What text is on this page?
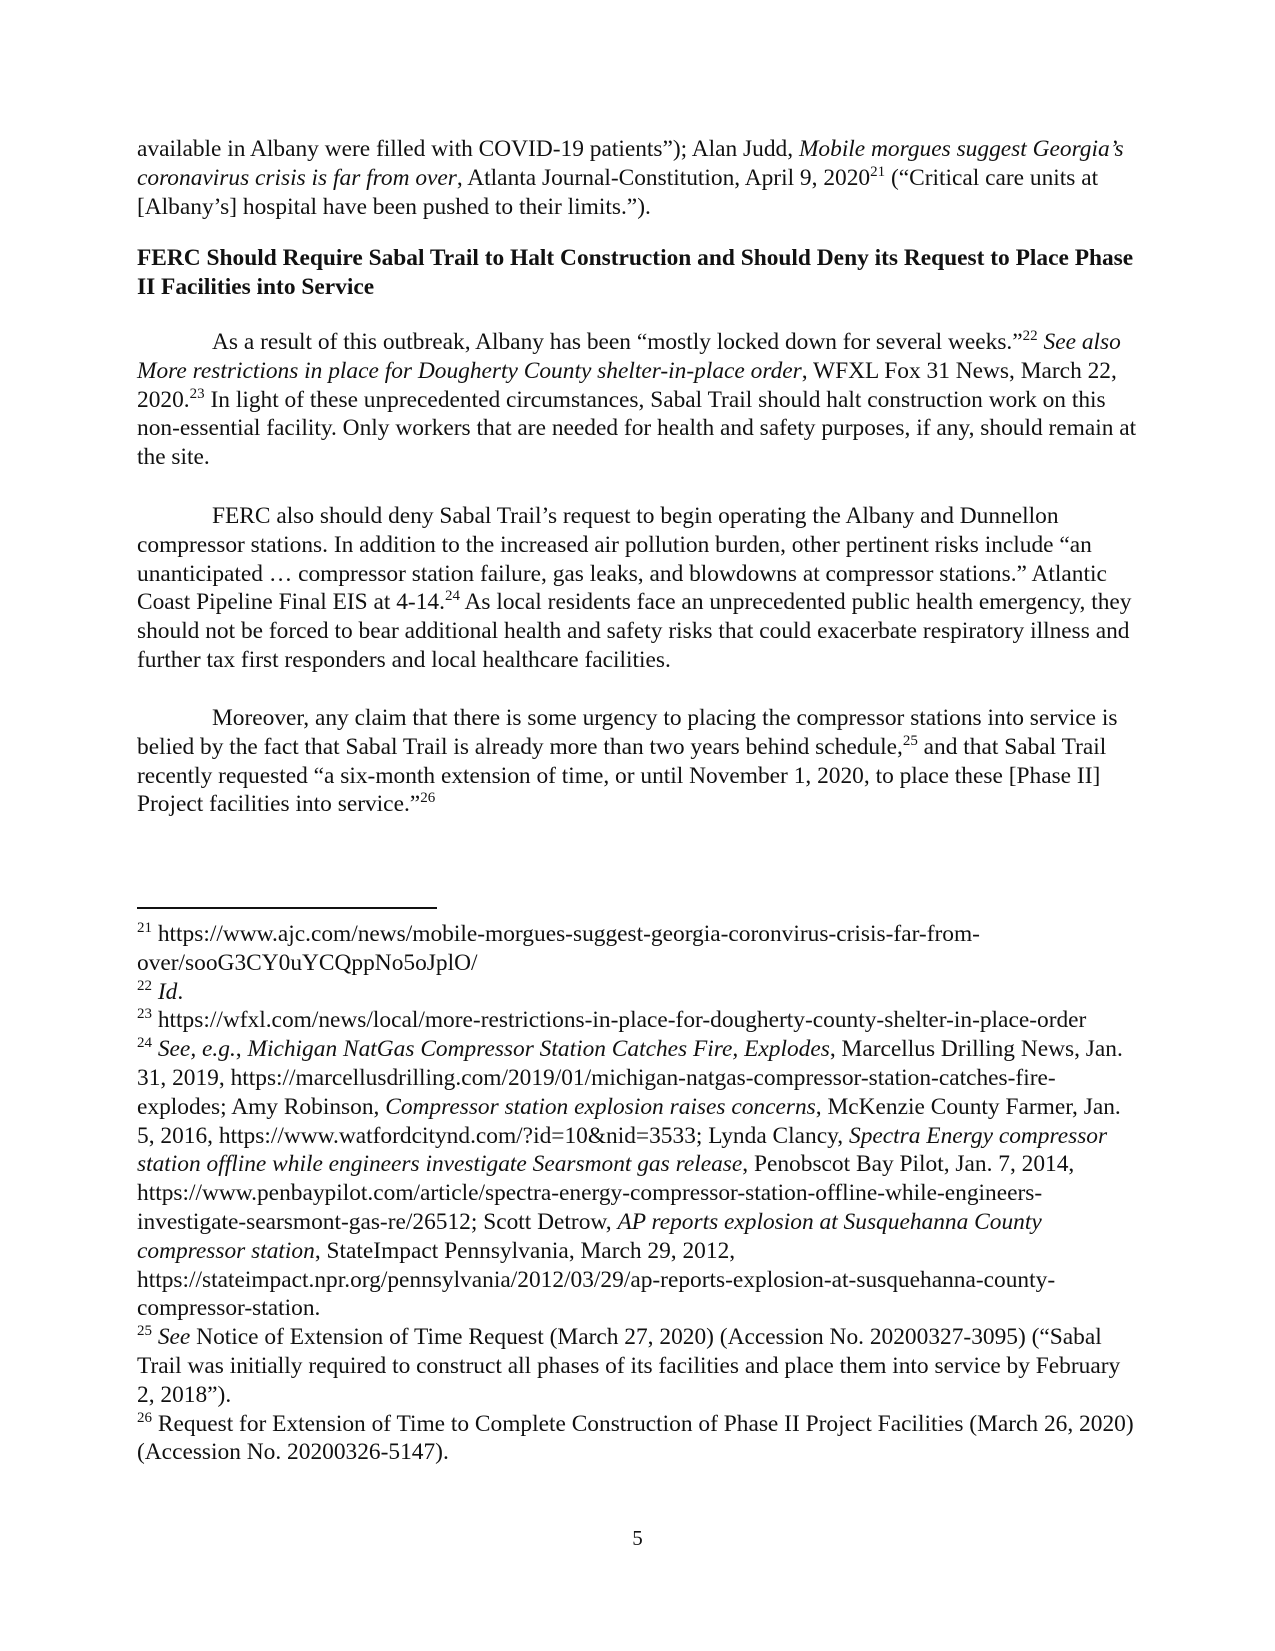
available in Albany were filled with COVID-19 patients”); Alan Judd, Mobile morgues suggest Georgia’s coronavirus crisis is far from over, Atlanta Journal-Constitution, April 9, 2020$^{21}$ (“Critical care units at [Albany’s] hospital have been pushed to their limits.”).

FERC Should Require Sabal Trail to Halt Construction and Should Deny its Request to Place Phase II Facilities into Service

As a result of this outbreak, Albany has been “mostly locked down for several weeks.”$^{22}$ See also More restrictions in place for Dougherty County shelter-in-place order, WFXL Fox 31 News, March 22, 2020.23 In light of these unprecedented circumstances, Sabal Trail should halt construction work on this non-essential facility. Only workers that are needed for health and safety purposes, if any, should remain at the site.

FERC also should deny Sabal Trail’s request to begin operating the Albany and Dunnellon compressor stations. In addition to the increased air pollution burden, other pertinent risks include “an unanticipated … compressor station failure, gas leaks, and blowdowns at compressor stations.” Atlantic Coast Pipeline Final EIS at 4-14.24 As local residents face an unprecedented public health emergency, they should not be forced to bear additional health and safety risks that could exacerbate respiratory illness and further tax first responders and local healthcare facilities.

Moreover, any claim that there is some urgency to placing the compressor stations into service is belied by the fact that Sabal Trail is already more than two years behind schedule,$^{25}$ and that Sabal Trail recently requested “a six-month extension of time, or until November 1, 2020, to place these [Phase II] Project facilities into service.”$^{26}$

$^{21}$ https://www.ajc.com/news/mobile-morgues-suggest-georgia-coronvirus-crisis-far-from-over/sooG3CY0uYCQppNo5oJplO/

$^{22}$ Id.

$^{23}$ https://wfxl.com/news/local/more-restrictions-in-place-for-dougherty-county-shelter-in-place-order

$^{24}$ See, e.g., Michigan NatGas Compressor Station Catches Fire, Explodes, Marcellus Drilling News, Jan. 31, 2019, https://marcellusdrilling.com/2019/01/michigan-natgas-compressor-station-catches-fire-explodes; Amy Robinson, Compressor station explosion raises concerns, McKenzie County Farmer, Jan. 5, 2016, https://www.watfordcitynd.com/?id=10&nid=3533; Lynda Clancy, Spectra Energy compressor station offline while engineers investigate Searsmont gas release, Penobscot Bay Pilot, Jan. 7, 2014, https://www.penbaypilot.com/article/spectra-energy-compressor-station-offline-while-engineers-investigate-searsmont-gas-re/26512; Scott Detrow, AP reports explosion at Susquehanna County compressor station, StateImpact Pennsylvania, March 29, 2012, https://stateimpact.npr.org/pennsylvania/2012/03/29/ap-reports-explosion-at-susquehanna-county-compressor-station.

$^{25}$ See Notice of Extension of Time Request (March 27, 2020) (Accession No. 20200327-3095) (“Sabal Trail was initially required to construct all phases of its facilities and place them into service by February 2, 2018”).

$^{26}$ Request for Extension of Time to Complete Construction of Phase II Project Facilities (March 26, 2020) (Accession No. 20200326-5147).

5
